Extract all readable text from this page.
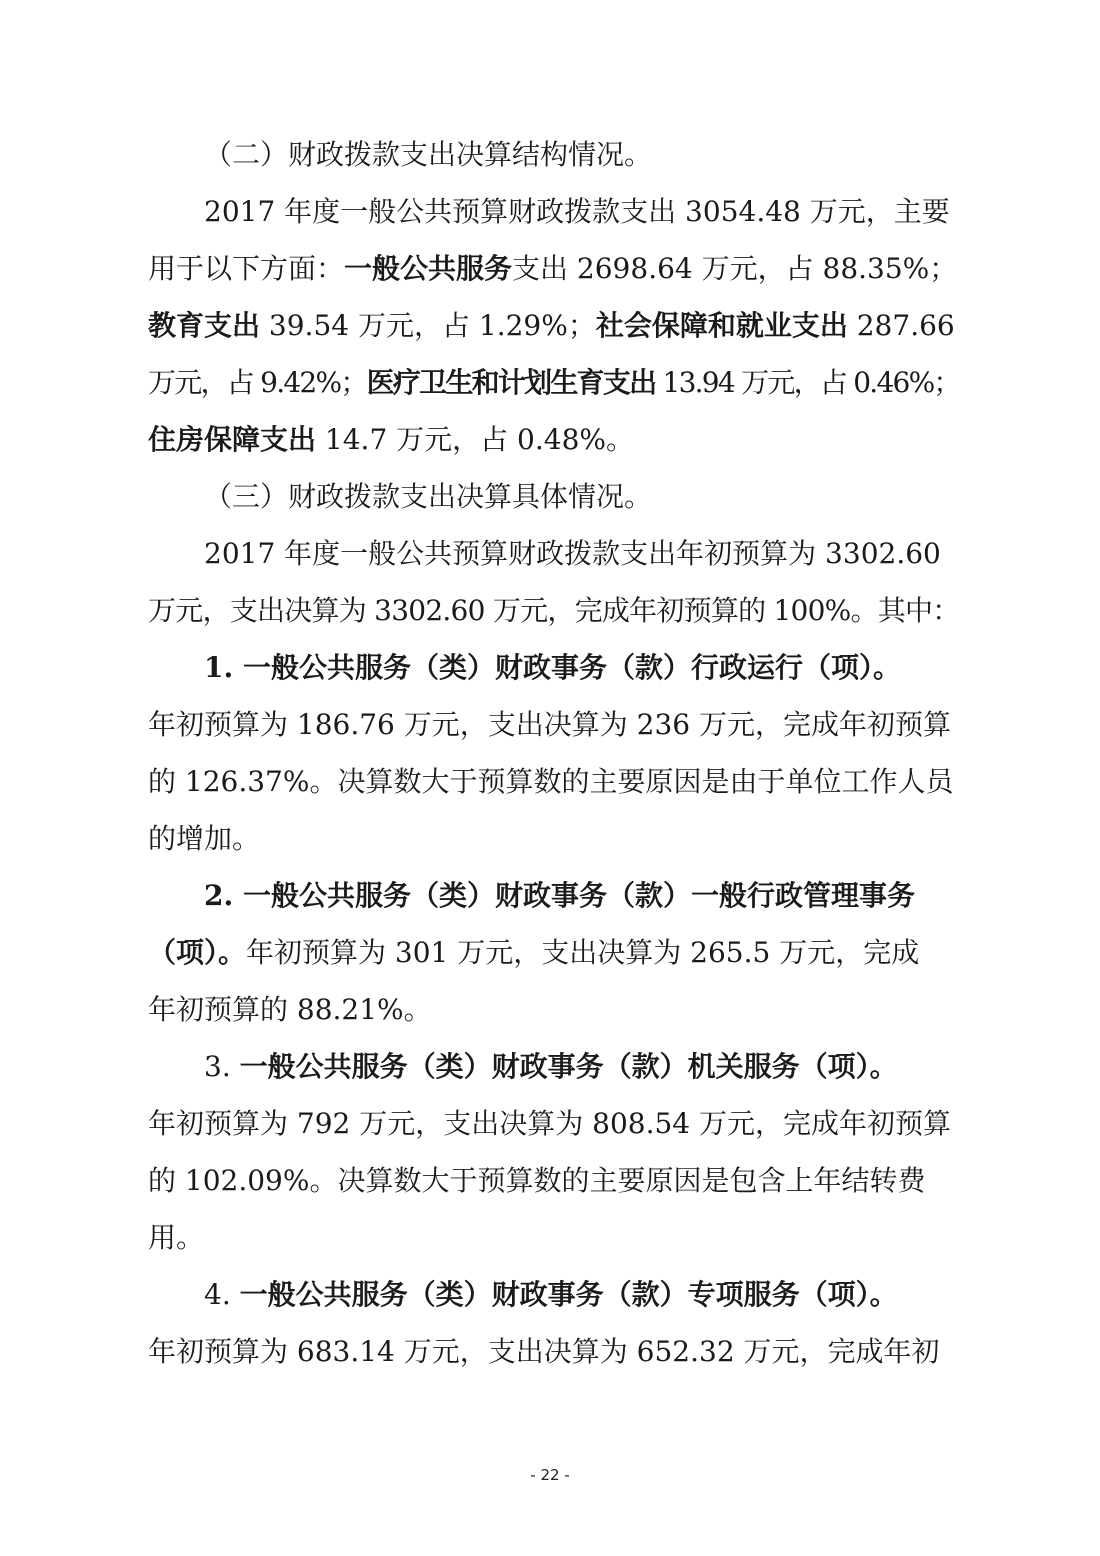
（二）财政拨款支出决算结构情况。
2017 年度一般公共预算财政拨款支出 3054.48 万元，主要
用于以下方面：一般公共服务支出 2698.64 万元，占 88.35%；
教育支出 39.54 万元，占 1.29%；社会保障和就业支出 287.66
万元，占 9.42%；医疗卫生和计划生育支出 13.94 万元，占 0.46%；
住房保障支出 14.7 万元，占 0.48%。
（三）财政拨款支出决算具体情况。
2017 年度一般公共预算财政拨款支出年初预算为 3302.60
万元，支出决算为 3302.60 万元，完成年初预算的 100%。其中：
1. 一般公共服务（类）财政事务（款）行政运行（项）。
年初预算为 186.76 万元，支出决算为 236 万元，完成年初预算
的 126.37%。决算数大于预算数的主要原因是由于单位工作人员
的增加。
2. 一般公共服务（类）财政事务（款）一般行政管理事务
（项）。年初预算为 301 万元，支出决算为 265.5 万元，完成
年初预算的 88.21%。
3. 一般公共服务（类）财政事务（款）机关服务（项）。
年初预算为 792 万元，支出决算为 808.54 万元，完成年初预算
的 102.09%。决算数大于预算数的主要原因是包含上年结转费
用。
4. 一般公共服务（类）财政事务（款）专项服务（项）。
年初预算为 683.14 万元，支出决算为 652.32 万元，完成年初
- 22 -
